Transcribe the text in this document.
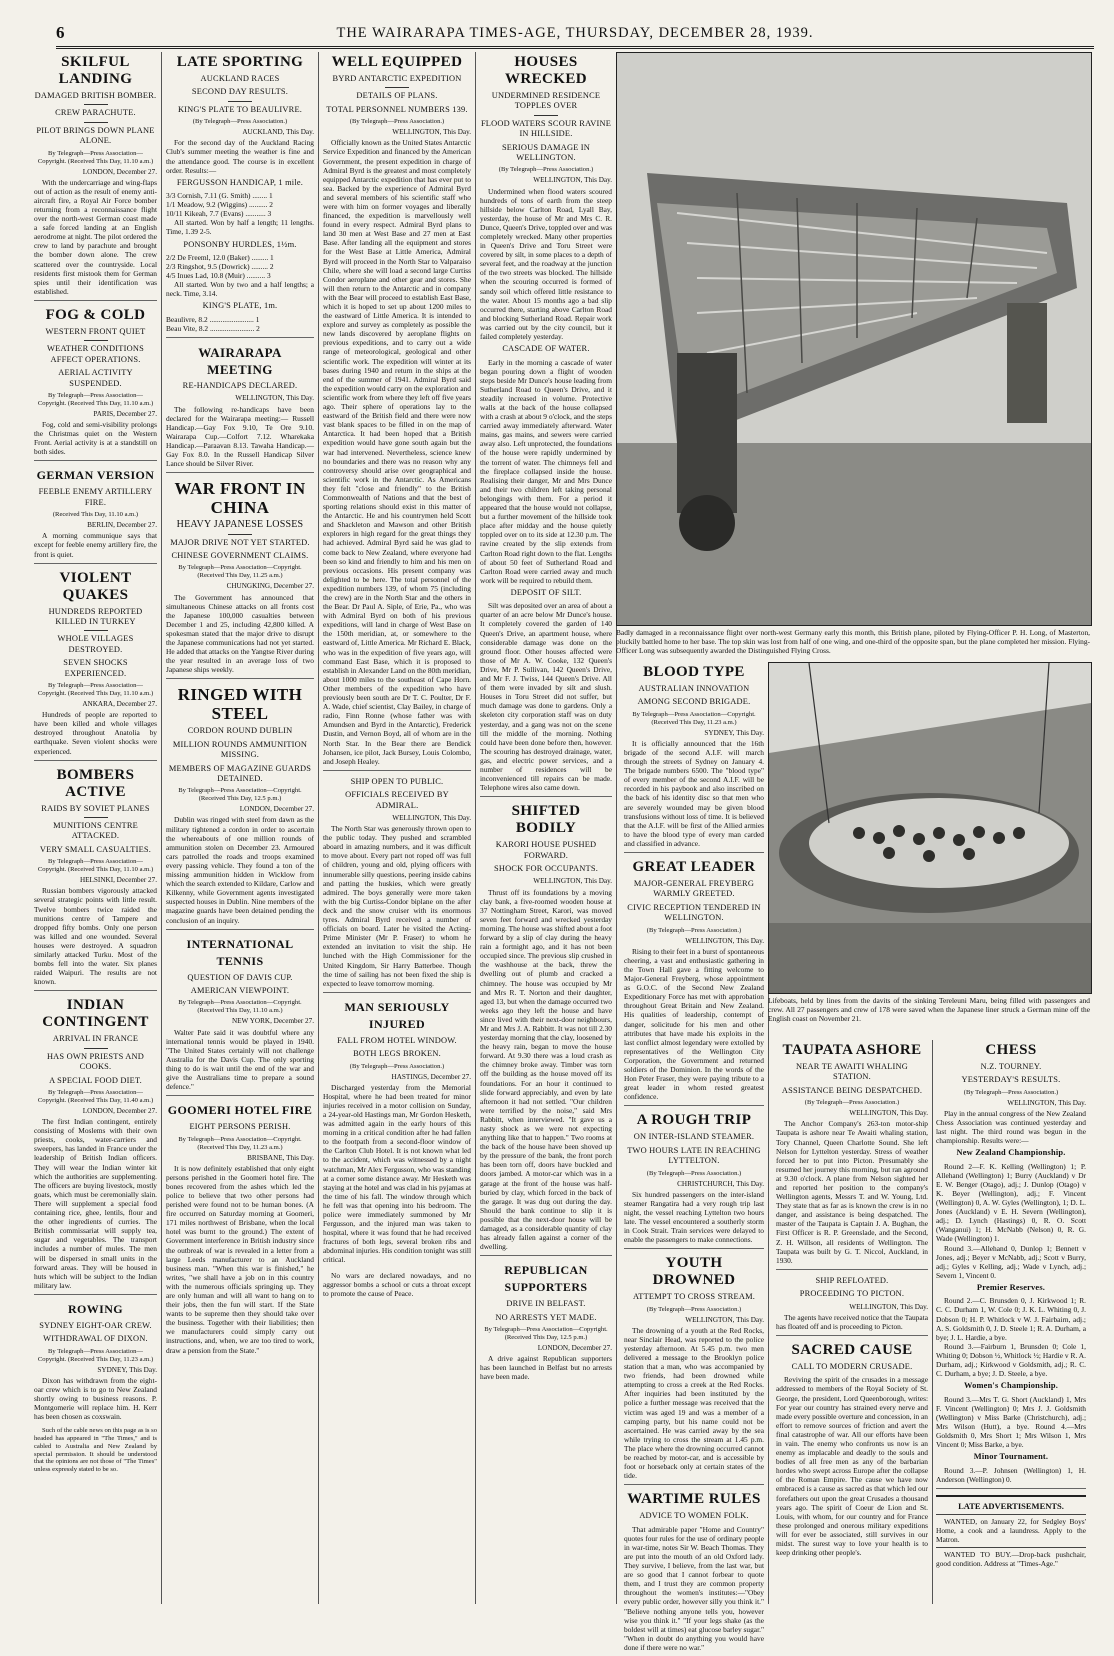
6	THE WAIRARAPA TIMES-AGE, THURSDAY, DECEMBER 28, 1939.
SKILFUL LANDING
DAMAGED BRITISH BOMBER.
CREW PARACHUTE.
PILOT BRINGS DOWN PLANE ALONE.
By Telegraph—Press Association—Copyright. (Received This Day, 11.10 a.m.)
LONDON, December 27.

With the undercarriage and wing-flaps out of action as the result of enemy anti-aircraft fire, a Royal Air Force bomber returning from a reconnaissance flight over the north-west German coast made a safe forced landing at an English aerodrome at night. The pilot ordered the crew to land by parachute and brought the bomber down alone. The crew scattered over the countryside. Local residents first mistook them for German spies until their identification was established.

FOG & COLD
WESTERN FRONT QUIET
WEATHER CONDITIONS AFFECT OPERATIONS.
AERIAL ACTIVITY SUSPENDED.
By Telegraph—Press Association—Copyright. (Received This Day, 11.10 a.m.)
PARIS, December 27.

Fog, cold and semi-visibility prolongs the Christmas quiet on the Western Front. Aerial activity is at a standstill on both sides.

GERMAN VERSION
FEEBLE ENEMY ARTILLERY FIRE.
(Received This Day, 11.10 a.m.)
BERLIN, December 27.

A morning communique says that except for feeble enemy artillery fire, the front is quiet.

VIOLENT QUAKES
HUNDREDS REPORTED KILLED IN TURKEY
WHOLE VILLAGES DESTROYED.
SEVEN SHOCKS EXPERIENCED.
By Telegraph—Press Association—Copyright. (Received This Day, 11.10 a.m.)
ANKARA, December 27.

Hundreds of people are reported to have been killed and whole villages destroyed throughout Anatolia by earthquake. Seven violent shocks were experienced.

BOMBERS ACTIVE
RAIDS BY SOVIET PLANES
MUNITIONS CENTRE ATTACKED.
VERY SMALL CASUALTIES.
By Telegraph—Press Association—Copyright. (Received This Day, 11.10 a.m.)
HELSINKI, December 27.

Russian bombers vigorously attacked several strategic points with little result. Twelve bombers twice raided the munitions centre of Tampere and dropped fifty bombs. Only one person was killed and one wounded. Several houses were destroyed. A squadron similarly attacked Turku. Most of the bombs fell into the water. Six planes raided Waipuri. The results are not known.

INDIAN CONTINGENT
ARRIVAL IN FRANCE
HAS OWN PRIESTS AND COOKS.
A SPECIAL FOOD DIET.
By Telegraph—Press Association—Copyright. (Received This Day, 11.40 a.m.)
LONDON, December 27.

The first Indian contingent, entirely consisting of Moslems with their own priests, cooks, water-carriers and sweepers, has landed in France under the leadership of British Indian officers. They will wear the Indian winter kit which the authorities are supplementing. The officers are buying livestock, mostly goats, which must be ceremonially slain. There will supplement a special food containing rice, ghee, lentils, flour and the other ingredients of curries. The British commissariat will supply tea, sugar and vegetables. The transport includes a number of mules. The men will be dispersed in small units in the forward areas. They will be housed in huts which will be subject to the Indian military law.

ROWING
SYDNEY EIGHT-OAR CREW.
WITHDRAWAL OF DIXON.
By Telegraph—Press Association—Copyright. (Received This Day, 11.23 a.m.)
SYDNEY, This Day.

Dixon has withdrawn from the eight-oar crew which is to go to New Zealand shortly owing to business reasons. P. Montgomerie will replace him. H. Kerr has been chosen as coxswain.

Such of the cable news on this page as is so headed has appeared in "The Times," and is cabled to Australia and New Zealand by special permission. It should be understood that the opinions are not those of "The Times" unless expressly stated to be so.

LATE SPORTING
AUCKLAND RACES
SECOND DAY RESULTS.
KING'S PLATE TO BEAULIVRE.
(By Telegraph—Press Association.)
AUCKLAND, This Day.

For the second day of the Auckland Racing Club's summer meeting the weather is fine and the attendance good. The course is in excellent order. Results:—

FERGUSSON HANDICAP, 1 mile.
3/3 Cornish, 7.11 (G. Smith) ........ 1
1/1 Meadow, 9.2 (Wiggins) .......... 2
10/11 Kikeah, 7.7 (Evans) ........... 3

All started. Won by half a length; 11 lengths. Time, 1.39 2-5.

PONSONBY HURDLES, 1½m.
2/2 De Freeml, 12.0 (Baker) ......... 1
2/3 Ringshot, 9.5 (Dowrick) ......... 2
4/5 Inues Lad, 10.8 (Muir) .......... 3

All started. Won by two and a half lengths; a neck. Time, 3.14.

KING'S PLATE, 1m.
Beaulivre, 8.2 ........................ 1
Beau Vite, 8.2 ........................ 2
WAIRARAPA MEETING
RE-HANDICAPS DECLARED.
WELLINGTON, This Day.

The following re-handicaps have been declared for the Wairarapa meeting:— Russell Handicap.—Gay Fox 9.10, Te Ore 9.10. Wairarapa Cup.—Colfort 7.12. Wharekaka Handicap.—Paraavan 8.13. Tawaha Handicap.—Gay Fox 8.0. In the Russell Handicap Silver Lance should be Silver River.

WAR FRONT IN CHINA
HEAVY JAPANESE LOSSES
MAJOR DRIVE NOT YET STARTED.
CHINESE GOVERNMENT CLAIMS.
By Telegraph—Press Association—Copyright. (Received This Day, 11.25 a.m.)
CHUNGKING, December 27.

The Government has announced that simultaneous Chinese attacks on all fronts cost the Japanese 100,000 casualties between December 1 and 25, including 42,800 killed. A spokesman stated that the major drive to disrupt the Japanese communications had not yet started. He added that attacks on the Yangtse River during the year resulted in an average loss of two Japanese ships weekly.

RINGED WITH STEEL
CORDON ROUND DUBLIN
MILLION ROUNDS AMMUNITION MISSING.
MEMBERS OF MAGAZINE GUARDS DETAINED.
By Telegraph—Press Association—Copyright. (Received This Day, 12.5 p.m.)
LONDON, December 27.

Dublin was ringed with steel from dawn as the military tightened a cordon in order to ascertain the whereabouts of one million rounds of ammunition stolen on December 23. Armoured cars patrolled the roads and troops examined every passing vehicle. They found a ton of the missing ammunition hidden in Wicklow from which the search extended to Kildare, Carlow and Kilkenny, while Government agents investigated suspected houses in Dublin. Nine members of the magazine guards have been detained pending the conclusion of an inquiry.

INTERNATIONAL TENNIS
QUESTION OF DAVIS CUP.
AMERICAN VIEWPOINT.
By Telegraph—Press Association—Copyright. (Received This Day, 11.10 a.m.)
NEW YORK, December 27.

Walter Pate said it was doubtful where any international tennis would be played in 1940. "The United States certainly will not challenge Australia for the Davis Cup. The only sporting thing to do is wait until the end of the war and give the Australians time to prepare a sound defence."

GOOMERI HOTEL FIRE
EIGHT PERSONS PERISH.
By Telegraph—Press Association—Copyright. (Received This Day, 11.23 a.m.)
BRISBANE, This Day.

It is now definitely established that only eight persons perished in the Goomeri hotel fire. The bones recovered from the ashes which led the police to believe that two other persons had perished were found not to be human bones. (A fire occurred on Saturday morning at Goomeri, 171 miles northwest of Brisbane, when the local hotel was burnt to the ground.) The extent of Government interference in British industry since the outbreak of war is revealed in a letter from a large Leeds manufacturer to an Auckland business man. "When this war is finished," he writes, "we shall have a job on in this country with the numerous officials springing up. They are only human and will all want to hang on to their jobs, then the fun will start. If the State wants to be supreme then they should take over the business. Together with their liabilities; then we manufacturers could simply carry out instructions, and, when, we are too tired to work, draw a pension from the State."

WELL EQUIPPED
BYRD ANTARCTIC EXPEDITION
DETAILS OF PLANS.
TOTAL PERSONNEL NUMBERS 139.
(By Telegraph—Press Association.)
WELLINGTON, This Day.

Officially known as the United States Antarctic Service Expedition and financed by the American Government, the present expedition in charge of Admiral Byrd is the greatest and most completely equipped Antarctic expedition that has ever put to sea. Backed by the experience of Admiral Byrd and several members of his scientific staff who were with him on former voyages and liberally financed, the expedition is marvellously well found in every respect. Admiral Byrd plans to land 30 men at West Base and 27 men at East Base. After landing all the equipment and stores for the West Base at Little America, Admiral Byrd will proceed in the North Star to Valparaiso Chile, where she will load a second large Curtiss Condor aeroplane and other gear and stores. She will then return to the Antarctic and in company with the Bear will proceed to establish East Base, which it is hoped to set up about 1200 miles to the eastward of Little America. It is intended to explore and survey as completely as possible the new lands discovered by aeroplane flights on previous expeditions, and to carry out a wide range of meteorological, geological and other scientific work. The expedition will winter at its bases during 1940 and return in the ships at the end of the summer of 1941. Admiral Byrd said the expedition would carry on the exploration and scientific work from where they left off five years ago. Their sphere of operations lay to the eastward of the British field and there were now vast blank spaces to be filled in on the map of Antarctica. It had been hoped that a British expedition would have gone south again but the war had intervened. Nevertheless, science knew no boundaries and there was no reason why any controversy should arise over geographical and scientific work in the Antarctic. As Americans they felt "close and friendly" to the British Commonwealth of Nations and that the best of sporting relations should exist in this matter of the Antarctic. He and his countrymen held Scott and Shackleton and Mawson and other British explorers in high regard for the great things they had achieved. Admiral Byrd said he was glad to come back to New Zealand, where everyone had been so kind and friendly to him and his men on previous occasions. His present company was delighted to be here. The total personnel of the expedition numbers 139, of whom 75 (including the crew) are in the North Star and the others in the Bear. Dr Paul A. Siple, of Erie, Pa., who was with Admiral Byrd on both of his previous expeditions, will land in charge of West Base on the 150th meridian, at, or somewhere to the eastward of, Little America. Mr Richard E. Black, who was in the expedition of five years ago, will command East Base, which it is proposed to establish in Alexander Land on the 80th meridian, about 1000 miles to the southeast of Cape Horn. Other members of the expedition who have previously been south are Dr T. C. Poulter, Dr F. A. Wade, chief scientist, Clay Bailey, in charge of radio, Finn Ronne (whose father was with Amundsen and Byrd in the Antarctic), Frederick Dustin, and Vernon Boyd, all of whom are in the North Star. In the Bear there are Bendick Johansen, ice pilot, Jack Bursey, Louis Colombo, and Joseph Healey.

SHIP OPEN TO PUBLIC.
OFFICIALS RECEIVED BY ADMIRAL.
WELLINGTON, This Day.

The North Star was generously thrown open to the public today. They pushed and scrambled aboard in amazing numbers, and it was difficult to move about. Every part not roped off was full of children, young and old, plying officers with innumerable silly questions, peering inside cabins and patting the huskies, which were greatly admired. The boys generally were more taken with the big Curtiss-Condor biplane on the after deck and the snow cruiser with its enormous tyres. Admiral Byrd received a number of officials on board. Later he visited the Acting-Prime Minister (Mr P. Fraser) to whom he extended an invitation to visit the ship. He lunched with the High Commissioner for the United Kingdom, Sir Harry Batterbee. Though the time of sailing has not been fixed the ship is expected to leave tomorrow morning.

MAN SERIOUSLY INJURED
FALL FROM HOTEL WINDOW.
BOTH LEGS BROKEN.
(By Telegraph—Press Association.)
HASTINGS, December 27.

Discharged yesterday from the Memorial Hospital, where he had been treated for minor injuries received in a motor collision on Sunday, a 24-year-old Hastings man, Mr Gordon Hesketh, was admitted again in the early hours of this morning in a critical condition after he had fallen to the footpath from a second-floor window of the Carlton Club Hotel. It is not known what led to the accident, which was witnessed by a night watchman, Mr Alex Fergusson, who was standing at a corner some distance away. Mr Hesketh was staying at the hotel and was clad in his pyjamas at the time of his fall. The window through which he fell was that opening into his bedroom. The police were immediately summoned by Mr Fergusson, and the injured man was taken to hospital, where it was found that he had received fractures of both legs, several broken ribs and abdominal injuries. His condition tonight was still critical.

No wars are declared nowadays, and no aggressor bombs a school or cuts a throat except to promote the cause of Peace.

HOUSES WRECKED
UNDERMINED RESIDENCE TOPPLES OVER
FLOOD WATERS SCOUR RAVINE IN HILLSIDE.
SERIOUS DAMAGE IN WELLINGTON.
(By Telegraph—Press Association.)
WELLINGTON, This Day.

Undermined when flood waters scoured hundreds of tons of earth from the steep hillside below Carlton Road, Lyall Bay, yesterday, the house of Mr and Mrs C. R. Dunce, Queen's Drive, toppled over and was completely wrecked. Many other properties in Queen's Drive and Toru Street were covered by silt, in some places to a depth of several feet, and the roadway at the junction of the two streets was blocked. The hillside when the scouring occurred is formed of sandy soil which offered little resistance to the water. About 15 months ago a bad slip occurred there, starting above Carlton Road and blocking Sutherland Road. Repair work was carried out by the city council, but it failed completely yesterday.

CASCADE OF WATER.

Early in the morning a cascade of water began pouring down a flight of wooden steps beside Mr Dunce's house leading from Sutherland Road to Queen's Drive, and it steadily increased in volume. Protective walls at the back of the house collapsed with a crash at about 9 o'clock, and the steps carried away immediately afterward. Water mains, gas mains, and sewers were carried away also. Left unprotected, the foundations of the house were rapidly undermined by the torrent of water. The chimneys fell and the fireplace collapsed inside the house. Realising their danger, Mr and Mrs Dunce and their two children left taking personal belongings with them. For a period it appeared that the house would not collapse, but a further movement of the hillside took place after midday and the house quietly toppled over on to its side at 12.30 p.m. The ravine created by the slip extends from Carlton Road right down to the flat. Lengths of about 50 feet of Sutherland Road and Carlton Road were carried away and much work will be required to rebuild them.

DEPOSIT OF SILT.

Silt was deposited over an area of about a quarter of an acre below Mr Dunce's house. It completely covered the garden of 140 Queen's Drive, an apartment house, where considerable damage was done on the ground floor. Other houses affected were those of Mr A. W. Cooke, 132 Queen's Drive, Mr P. Sullivan, 142 Queen's Drive, and Mr F. J. Twiss, 144 Queen's Drive. All of them were invaded by silt and slush. Houses in Toru Street did not suffer, but much damage was done to gardens. Only a skeleton city corporation staff was on duty yesterday, and a gang was not on the scene till the middle of the morning. Nothing could have been done before then, however. The scouring has destroyed drainage, water, gas, and electric power services, and a number of residences will be inconvenienced till repairs can be made. Telephone wires also came down.

SHIFTED BODILY
KARORI HOUSE PUSHED FORWARD.
SHOCK FOR OCCUPANTS.
WELLINGTON, This Day.

Thrust off its foundations by a moving clay bank, a five-roomed wooden house at 37 Nottingham Street, Karori, was moved seven feet forward and wrecked yesterday morning. The house was shifted about a foot forward by a slip of clay during the heavy rain a fortnight ago, and it has not been occupied since. The previous slip crushed in the washhouse at the back, threw the dwelling out of plumb and cracked a chimney. The house was occupied by Mr and Mrs R. T. Norton and their daughter, aged 13, but when the damage occurred two weeks ago they left the house and have since lived with their next-door neighbours, Mr and Mrs J. A. Rabbitt. It was not till 2.30 yesterday morning that the clay, loosened by the heavy rain, began to move the house forward. At 9.30 there was a loud crash as the chimney broke away. Timber was torn off the building as the house moved off its foundations. For an hour it continued to slide forward appreciably, and even by late afternoon it had not settled. "Our children were terrified by the noise," said Mrs Rabbitt, when interviewed. "It gave us a nasty shock as we were not expecting anything like that to happen." Two rooms at the back of the house have been shoved up by the pressure of the bank, the front porch has been torn off, doors have buckled and doors jambed. A motor-car which was in a garage at the front of the house was half-buried by clay, which forced in the back of the garage. It was dug out during the day. Should the bank continue to slip it is possible that the next-door house will be damaged, as a considerable quantity of clay has already fallen against a corner of the dwelling.

REPUBLICAN SUPPORTERS
DRIVE IN BELFAST.
NO ARRESTS YET MADE.
By Telegraph—Press Association—Copyright. (Received This Day, 12.5 p.m.)
LONDON, December 27.

A drive against Republican supporters has been launched in Belfast but no arrests have been made.

Badly damaged in a reconnaissance flight over north-west Germany early this month, this British plane, piloted by Flying-Officer P. H. Long, of Masterton, pluckily battled home to her base. The top skin was lost from half of one wing, and one-third of the opposite span, but the plane completed her mission. Flying-Officer Long was subsequently awarded the Distinguished Flying Cross.
BLOOD TYPE
AUSTRALIAN INNOVATION
AMONG SECOND BRIGADE.
By Telegraph—Press Association—Copyright. (Received This Day, 11.23 a.m.)
SYDNEY, This Day.

It is officially announced that the 16th brigade of the second A.I.F. will march through the streets of Sydney on January 4. The brigade numbers 6500. The "blood type" of every member of the second A.I.F. will be recorded in his paybook and also inscribed on the back of his identity disc so that men who are severely wounded may be given blood transfusions without loss of time. It is believed that the A.I.F. will be first of the Allied armies to have the blood type of every man carded and classified in advance.

GREAT LEADER
MAJOR-GENERAL FREYBERG WARMLY GREETED.
CIVIC RECEPTION TENDERED IN WELLINGTON.
(By Telegraph—Press Association.)
WELLINGTON, This Day.

Rising to their feet in a burst of spontaneous cheering, a vast and enthusiastic gathering in the Town Hall gave a fitting welcome to Major-General Freyberg, whose appointment as G.O.C. of the Second New Zealand Expeditionary Force has met with approbation throughout Great Britain and New Zealand. His qualities of leadership, contempt of danger, solicitude for his men and other attributes that have made his exploits in the last conflict almost legendary were extolled by representatives of the Wellington City Corporation, the Government and returned soldiers of the Dominion. In the words of the Hon Peter Fraser, they were paying tribute to a great leader in whom rested greatest confidence.

A ROUGH TRIP
ON INTER-ISLAND STEAMER.
TWO HOURS LATE IN REACHING LYTTELTON.
(By Telegraph—Press Association.)
CHRISTCHURCH, This Day.

Six hundred passengers on the inter-island steamer Rangatira had a very rough trip last night, the vessel reaching Lyttelton two hours late. The vessel encountered a southerly storm in Cook Strait. Train services were delayed to enable the passengers to make connections.

YOUTH DROWNED
ATTEMPT TO CROSS STREAM.
(By Telegraph—Press Association.)
WELLINGTON, This Day.

The drowning of a youth at the Red Rocks, near Sinclair Head, was reported to the police yesterday afternoon. At 5.45 p.m. two men delivered a message to the Brooklyn police station that a man, who was accompanied by two friends, had been drowned while attempting to cross a creek at the Red Rocks. After inquiries had been instituted by the police a further message was received that the victim was aged 19 and was a member of a camping party, but his name could not be ascertained. He was carried away by the sea while trying to cross the stream at 1.45 p.m. The place where the drowning occurred cannot be reached by motor-car, and is accessible by foot or horseback only at certain states of the tide.

WARTIME RULES
ADVICE TO WOMEN FOLK.

That admirable paper "Home and Country" quotes four rules for the use of ordinary people in war-time, notes Sir W. Beach Thomas. They are put into the mouth of an old Oxford lady. They survive, I believe, from the last war, but are so good that I cannot forbear to quote them, and I trust they are common property throughout the women's institutes:—"Obey every public order, however silly you think it." "Believe nothing anyone tells you, however wise you think it." "If your legs shake (as the boldest will at times) eat glucose barley sugar." "When in doubt do anything you would have done if there were no war."

Lifeboats, held by lines from the davits of the sinking Tereleuni Maru, being filled with passengers and crew. All 27 passengers and crew of 178 were saved when the Japanese liner struck a German mine off the English coast on November 21.
TAUPATA ASHORE
NEAR TE AWAITI WHALING STATION.
ASSISTANCE BEING DESPATCHED.
(By Telegraph—Press Association.)
WELLINGTON, This Day.

The Anchor Company's 263-ton motor-ship Taupata is ashore near Te Awaiti whaling station, Tory Channel, Queen Charlotte Sound. She left Nelson for Lyttelton yesterday. Stress of weather forced her to put into Picton. Presumably she resumed her journey this morning, but ran aground at 9.30 o'clock. A plane from Nelson sighted her and reported her position to the company's Wellington agents, Messrs T. and W. Young, Ltd. They state that as far as is known the crew is in no danger, and assistance is being despatched. The master of the Taupata is Captain J. A. Bughan, the First Officer is R. P. Greenslade, and the Second, Z. H. Willson, all residents of Wellington. The Taupata was built by G. T. Niccol, Auckland, in 1930.

SHIP REFLOATED.
PROCEEDING TO PICTON.
WELLINGTON, This Day.

The agents have received notice that the Taupata has floated off and is proceeding to Picton.

SACRED CAUSE
CALL TO MODERN CRUSADE.

Reviving the spirit of the crusades in a message addressed to members of the Royal Society of St. George, the president, Lord Queenborough, writes: For year our country has strained every nerve and made every possible overture and concession, in an effort to remove sources of friction and avert the final catastrophe of war. All our efforts have been in vain. The enemy who confronts us now is an enemy as implacable and deadly to the souls and bodies of all free men as any of the barbarian hordes who swept across Europe after the collapse of the Roman Empire. The cause we have now embraced is a cause as sacred as that which led our forefathers out upon the great Crusades a thousand years ago. The spirit of Coeur de Lion and St. Louis, with whom, for our country and for France these prolonged and onerous military expeditions will for ever be associated, still survives in our midst. The surest way to love your health is to keep drinking other people's.

CHESS
N.Z. TOURNEY.
YESTERDAY'S RESULTS.
(By Telegraph—Press Association.)
WELLINGTON, This Day.

Play in the annual congress of the New Zealand Chess Association was continued yesterday and last night. The third round was begun in the championship. Results were:—

New Zealand Championship.

Round 2—F. K. Kelling (Wellington) 1; P. Allehand (Wellington) 1; Burry (Auckland) v Dr E. W. Benger (Otago), adj.; J. Dunlop (Otago) v K. Beyer (Wellington), adj.; F. Vincent (Wellington) 0, A. W. Gyles (Wellington), 1; D. L. Jones (Auckland) v E. H. Severn (Wellington), adj.; D. Lynch (Hastings) 0, R. O. Scott (Wanganui) 1; H. McNabb (Nelson) 0, R. G. Wade (Wellington) 1.

Round 3.—Allehand 0, Dunlop 1; Bennett v Jones, adj.; Beyer v McNabb, adj.; Scott v Burry, adj.; Gyles v Kelling, adj.; Wade v Lynch, adj.; Severn 1, Vincent 0.

Premier Reserves.

Round 2.—C. Brunsden 0, J. Kirkwood 1; R. C. C. Durham 1, W. Cole 0; J. K. L. Whiting 0, J. Dobson 0; H. P. Whitlock v W. J. Fairbairn, adj.; A. S. Goldsmith 0, J. D. Steele 1; R. A. Durham, a bye; J. L. Hardie, a bye.

Round 3.—Fairburn 1, Brunsden 0; Cole 1, Whiting 0; Dobson ½, Whitlock ½; Hardie v R. A. Durham, adj.; Kirkwood v Goldsmith, adj.; R. C. C. Durham, a bye; J. D. Steele, a bye.

Women's Championship.

Round 3.—Mrs T. G. Short (Auckland) 1, Mrs F. Vincent (Wellington) 0; Mrs J. J. Goldsmith (Wellington) v Miss Barke (Christchurch), adj.; Mrs Wilson (Hutt), a bye. Round 4.—Mrs Goldsmith 0, Mrs Short 1; Mrs Wilson 1, Mrs Vincent 0; Miss Barke, a bye.

Minor Tournament.

Round 3.—P. Johnsen (Wellington) 1, H. Anderson (Wellington) 0.

LATE ADVERTISEMENTS.

WANTED, on January 22, for Sedgley Boys' Home, a cook and a laundress. Apply to the Matron.

WANTED TO BUY.—Drop-back pushchair, good condition. Address at "Times-Age."
